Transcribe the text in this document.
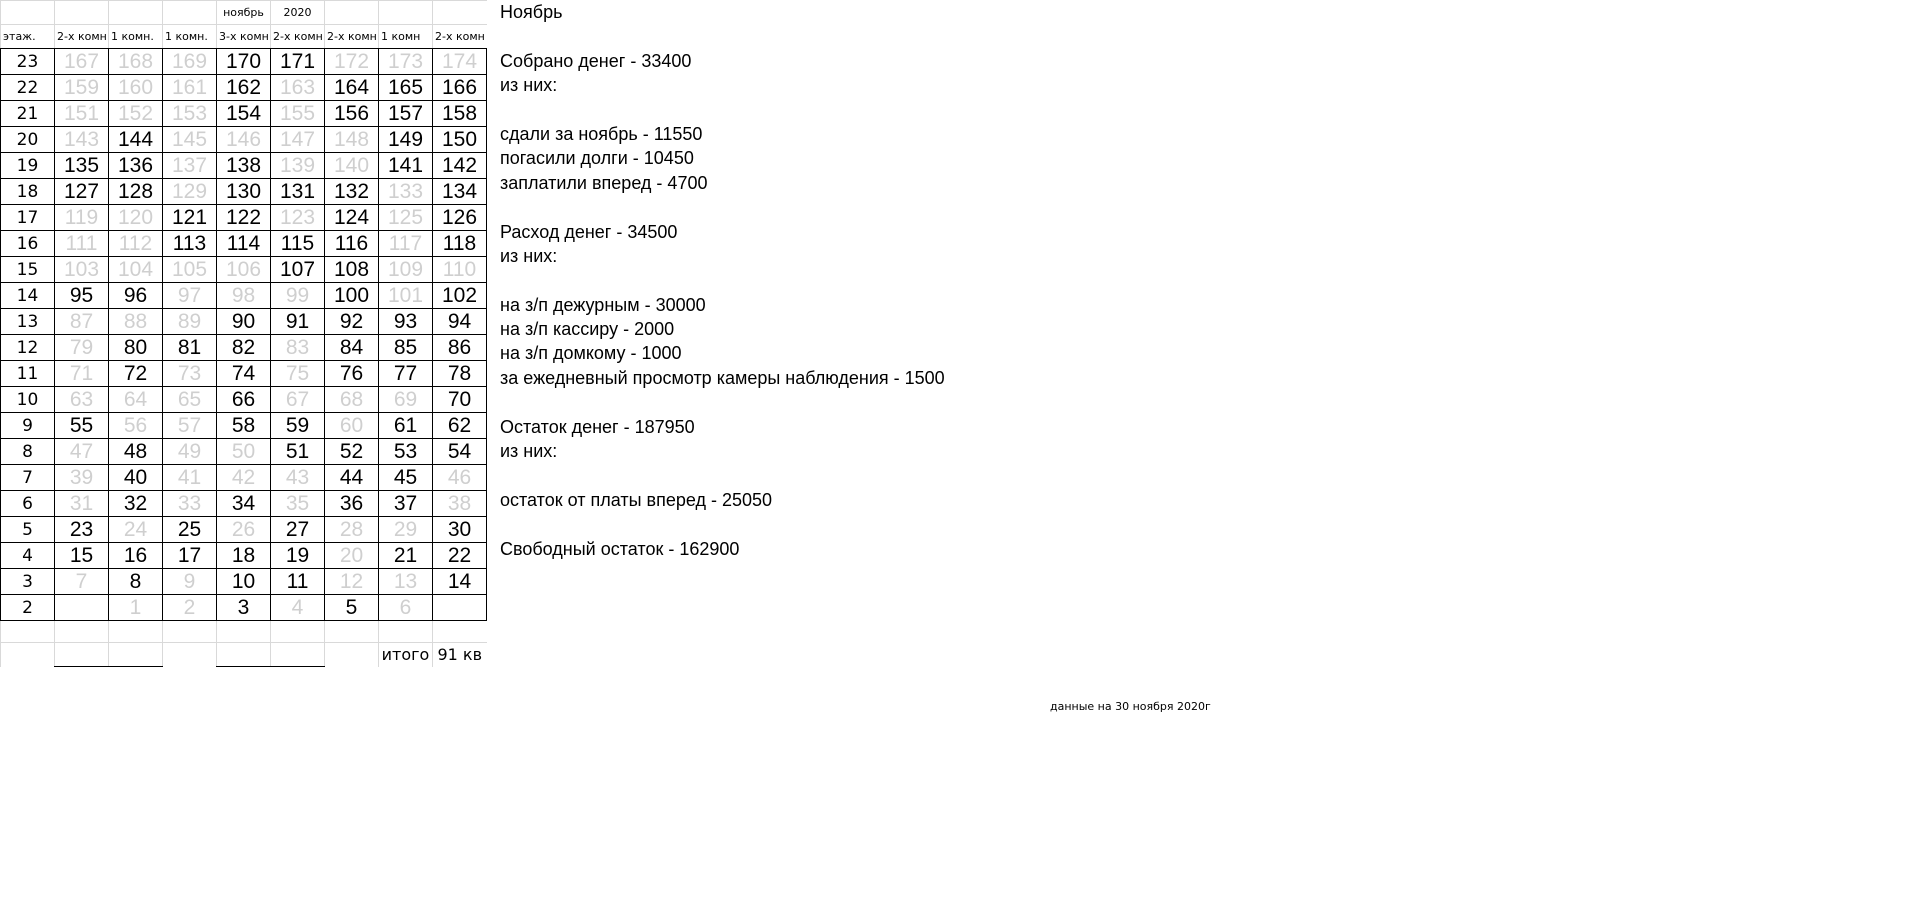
				ноябрь	2020			
этаж.	2-х комн	1 комн.	1 комн.	3-х комн	2-х комн	2-х комн	1 комн	2-х комн
23	167	168	169	170	171	172	173	174
22	159	160	161	162	163	164	165	166
21	151	152	153	154	155	156	157	158
20	143	144	145	146	147	148	149	150
19	135	136	137	138	139	140	141	142
18	127	128	129	130	131	132	133	134
17	119	120	121	122	123	124	125	126
16	111	112	113	114	115	116	117	118
15	103	104	105	106	107	108	109	110
14	95	96	97	98	99	100	101	102
13	87	88	89	90	91	92	93	94
12	79	80	81	82	83	84	85	86
11	71	72	73	74	75	76	77	78
10	63	64	65	66	67	68	69	70
9	55	56	57	58	59	60	61	62
8	47	48	49	50	51	52	53	54
7	39	40	41	42	43	44	45	46
6	31	32	33	34	35	36	37	38
5	23	24	25	26	27	28	29	30
4	15	16	17	18	19	20	21	22
3	7	8	9	10	11	12	13	14
2		1	2	3	4	5	6	

							итого	91 кв
Ноябрь
Собрано денег - 33400
из них:
сдали за ноябрь - 11550
погасили долги - 10450
заплатили вперед - 4700
Расход денег - 34500
из них:
на з/п дежурным - 30000
на з/п кассиру - 2000
на з/п домкому - 1000
за ежедневный просмотр камеры наблюдения - 1500
Остаток денег - 187950
из них:
остаток от платы вперед - 25050
Свободный остаток - 162900
данные на 30 ноября 2020г
